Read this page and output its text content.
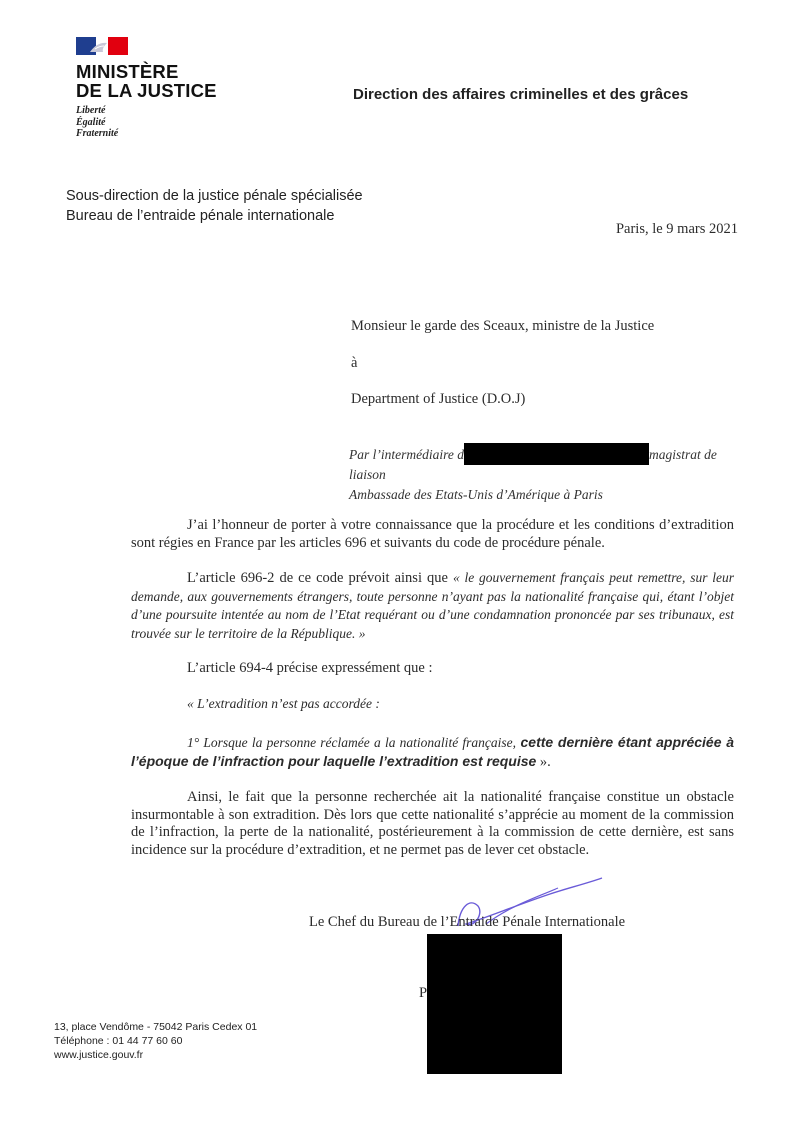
MINISTÈRE
DE LA JUSTICE
Liberté
Égalité
Fraternité
Direction des affaires criminelles et des grâces
Sous-direction de la justice pénale spécialisée
Bureau de l’entraide pénale internationale
Paris, le 9 mars 2021
Monsieur le garde des Sceaux, ministre de la Justice
à
Department of Justice (D.O.J)
Par l’intermédiaire d	magistrat de liaison
Ambassade des Etats-Unis d’Amérique à Paris

J’ai l’honneur de porter à votre connaissance que la procédure et les conditions d’extradition sont régies en France par les articles 696 et suivants du code de procédure pénale.

L’article 696-2 de ce code prévoit ainsi que « le gouvernement français peut remettre, sur leur demande, aux gouvernements étrangers, toute personne n’ayant pas la nationalité française qui, étant l’objet d’une poursuite intentée au nom de l’Etat requérant ou d’une condamnation prononcée par ses tribunaux, est trouvée sur le territoire de la République. »

L’article 694-4 précise expressément que :

« L’extradition n’est pas accordée :

1° Lorsque la personne réclamée a la nationalité française, cette dernière étant appréciée à l’époque de l’infraction pour laquelle l’extradition est requise ».

Ainsi, le fait que la personne recherchée ait la nationalité française constitue un obstacle insurmontable à son extradition. Dès lors que cette nationalité s’apprécie au moment de la commission de l’infraction, la perte de la nationalité, postérieurement à la commission de cette dernière, est sans incidence sur la procédure d’extradition, et ne permet pas de lever cet obstacle.

Le Chef du Bureau de l’Entraide Pénale Internationale
P
13, place Vendôme - 75042 Paris Cedex 01
Téléphone : 01 44 77 60 60
www.justice.gouv.fr
